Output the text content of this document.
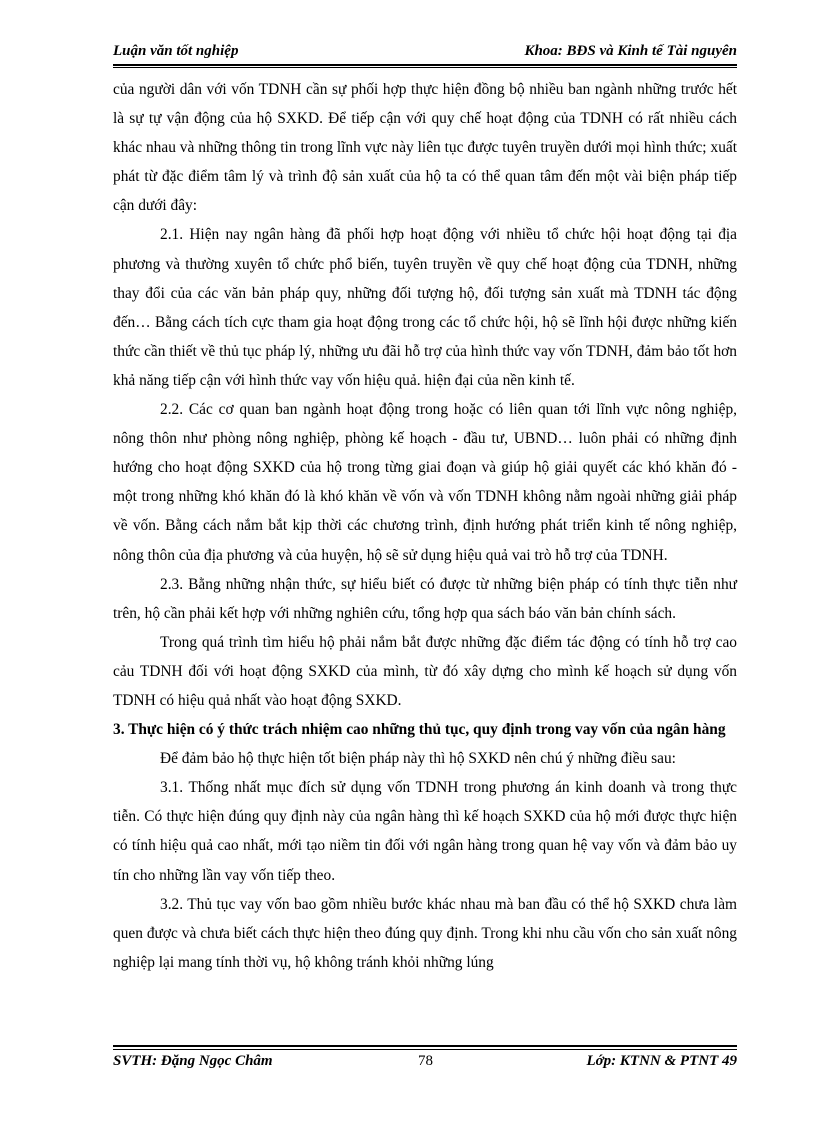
Luận văn tốt nghiệp	Khoa: BĐS và Kinh tế Tài nguyên

của người dân với vốn TDNH cần sự phối hợp thực hiện đồng bộ nhiều ban ngành những trước hết là sự tự vận động của hộ SXKD. Để tiếp cận với quy chế hoạt động của TDNH có rất nhiều cách khác nhau và những thông tin trong lĩnh vực này liên tục được tuyên truyền dưới mọi hình thức; xuất phát từ đặc điểm tâm lý và trình độ sản xuất của hộ ta có thể quan tâm đến một vài biện pháp tiếp cận dưới đây:

2.1. Hiện nay ngân hàng đã phối hợp hoạt động với nhiều tổ chức hội hoạt động tại địa phương và thường xuyên tổ chức phổ biến, tuyên truyền về quy chế hoạt động của TDNH, những thay đổi của các văn bản pháp quy, những đối tượng hộ, đối tượng sản xuất mà TDNH tác động đến… Bằng cách tích cực tham gia hoạt động trong các tổ chức hội, hộ sẽ lĩnh hội được những kiến thức cần thiết về thủ tục pháp lý, những ưu đãi hỗ trợ của hình thức vay vốn TDNH, đảm bảo tốt hơn khả năng tiếp cận với hình thức vay vốn hiệu quả. hiện đại của nền kinh tế.

2.2. Các cơ quan ban ngành hoạt động trong hoặc có liên quan tới lĩnh vực nông nghiệp, nông thôn như phòng nông nghiệp, phòng kế hoạch - đầu tư, UBND… luôn phải có những định hướng cho hoạt động SXKD của hộ trong từng giai đoạn và giúp hộ giải quyết các khó khăn đó - một trong những khó khăn đó là khó khăn về vốn và vốn TDNH không nằm ngoài những giải pháp về vốn. Bằng cách nắm bắt kịp thời các chương trình, định hướng phát triển kinh tế nông nghiệp, nông thôn của địa phương và của huyện, hộ sẽ sử dụng hiệu quả vai trò hỗ trợ của TDNH.

2.3. Bằng những nhận thức, sự hiểu biết có được từ những biện pháp có tính thực tiễn như trên, hộ cần phải kết hợp với những nghiên cứu, tổng hợp qua sách báo văn bản chính sách.

Trong quá trình tìm hiểu hộ phải nắm bắt được những đặc điểm tác động có tính hỗ trợ cao cảu TDNH đối với hoạt động SXKD của mình, từ đó xây dựng cho mình kế hoạch sử dụng vốn TDNH có hiệu quả nhất vào hoạt động SXKD.

3. Thực hiện có ý thức trách nhiệm cao những thủ tục, quy định trong vay vốn của ngân hàng

Để đảm bảo hộ thực hiện tốt biện pháp này thì hộ SXKD nên chú ý những điều sau:

3.1. Thống nhất mục đích sử dụng vốn TDNH trong phương án kinh doanh và trong thực tiễn. Có thực hiện đúng quy định này của ngân hàng thì kế hoạch SXKD của hộ mới được thực hiện có tính hiệu quả cao nhất, mới tạo niềm tin đối với ngân hàng trong quan hệ vay vốn và đảm bảo uy tín cho những lần vay vốn tiếp theo.

3.2. Thủ tục vay vốn bao gồm nhiều bước khác nhau mà ban đầu có thể hộ SXKD chưa làm quen được và chưa biết cách thực hiện theo đúng quy định. Trong khi nhu cầu vốn cho sản xuất nông nghiệp lại mang tính thời vụ, hộ không tránh khỏi những lúng

SVTH: Đặng Ngọc Châm	78	Lớp: KTNN & PTNT 49
